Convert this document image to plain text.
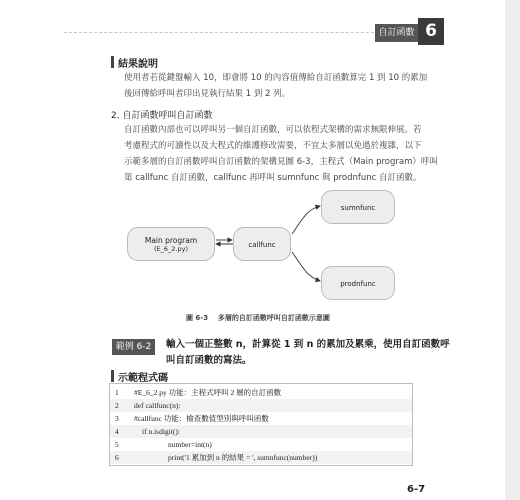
自訂函數 6
結果說明
使用者若從鍵盤輸入 10，即會將 10 的內容值傳給自訂函數算完 1 到 10 的累加
後回傳給呼叫者印出見執行結果 1 到 2 列。
2. 自訂函數呼叫自訂函數
自訂函數內部也可以呼叫另一個自訂函數，可以依程式架構的需求無限伸展。若
考慮程式的可讀性以及大程式的維護修改需要，不宜太多層以免過於複雜，以下
示範多層的自訂函數呼叫自訂函數的架構見圖 6-3，主程式（Main program）呼叫
第 callfunc 自訂函數，callfunc 再呼叫 sumnfunc 與 prodnfunc 自訂函數。
Main program
(E_6_2.py)	callfunc
sumnfunc
prodnfunc
圖 6-3    多層的自訂函數呼叫自訂函數示意圖
範例 6-2	輸入一個正整數 n，計算從 1 到 n 的累加及累乘，使用自訂函數呼
叫自訂函數的寫法。
示範程式碼
1	#E_6_2.py 功能：主程式呼叫 2 層的自訂函數
2	def callfunc(n):
3	#callfunc 功能：檢查數值型別與呼叫函數
4	if n.isdigit():
5	number=int(n)
6	print('1 累加到 n 的結果 = ', sumnfunc(number))
6-7
